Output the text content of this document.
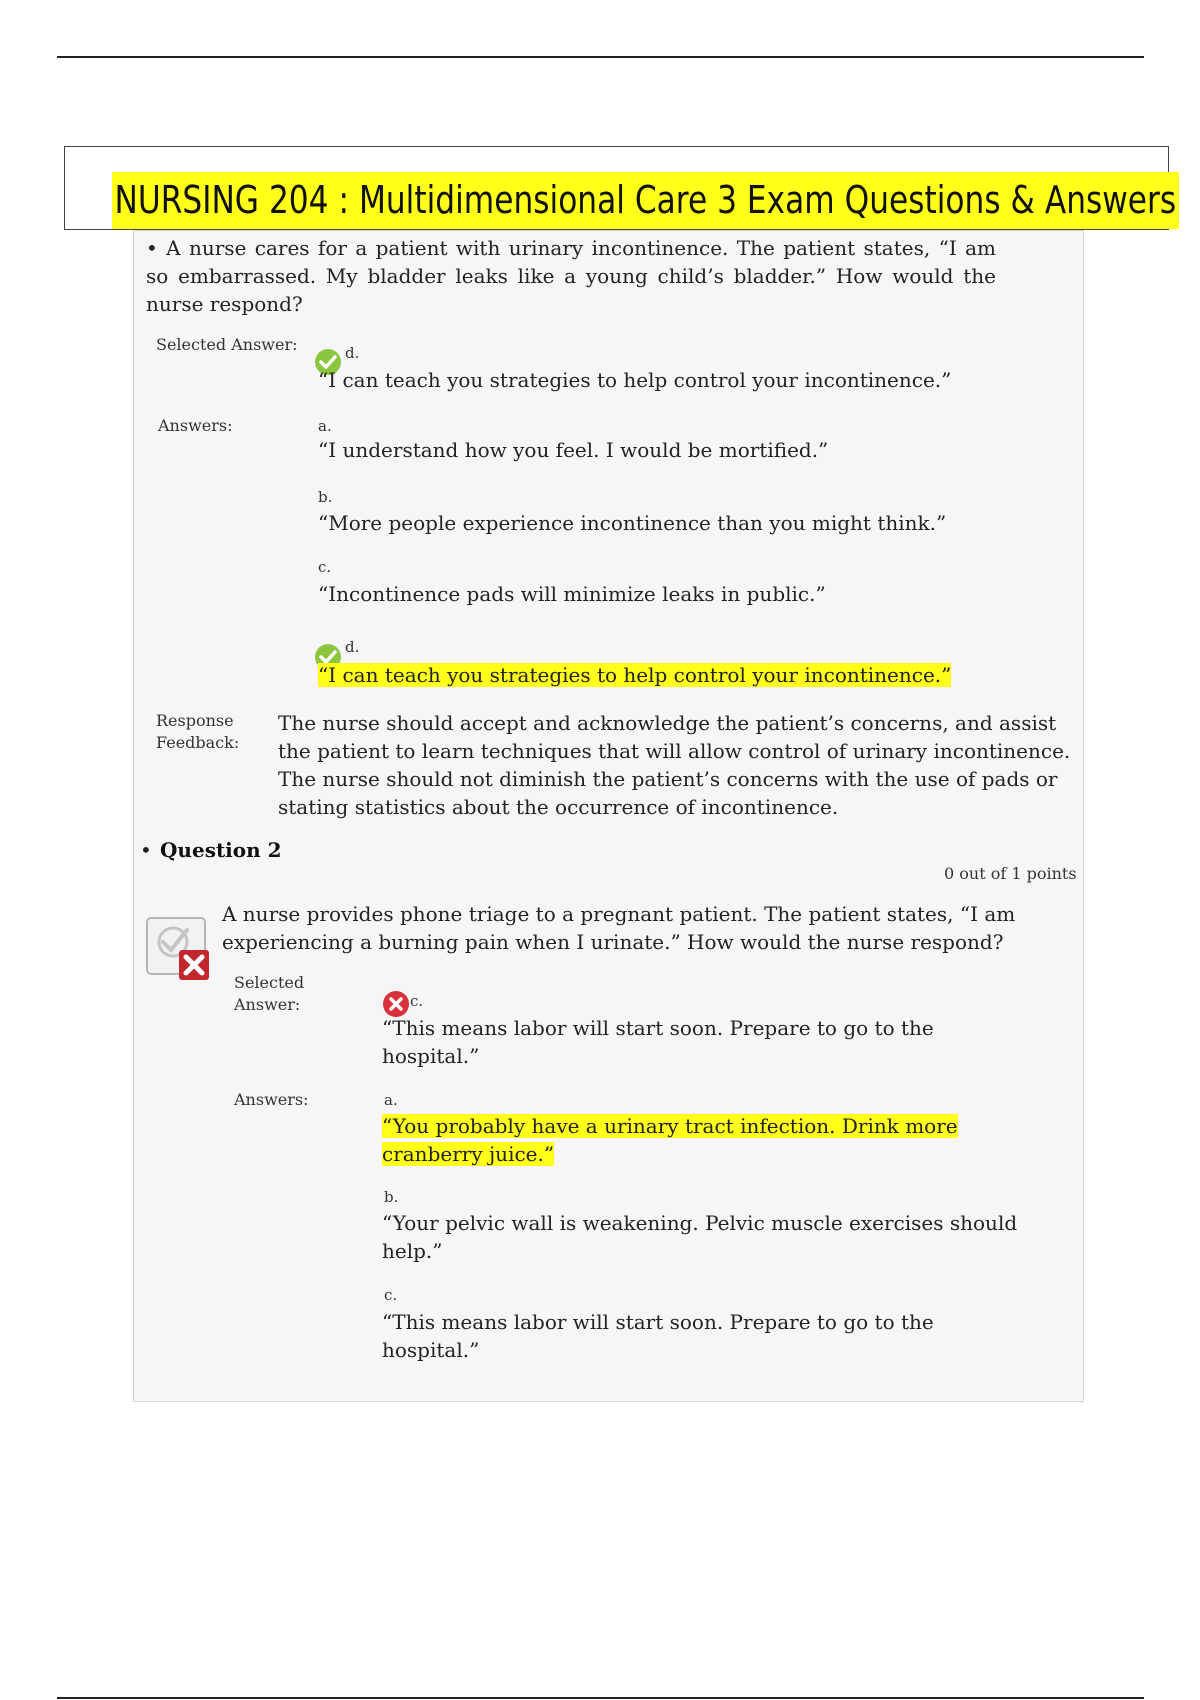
NURSING 204 : Multidimensional Care 3 Exam Questions & Answers
• A nurse cares for a patient with urinary incontinence. The patient states, “I am so embarrassed. My bladder leaks like a young child’s bladder.” How would the nurse respond?
Selected Answer:	d.
“I can teach you strategies to help control your incontinence.”
Answers:	a.
“I understand how you feel. I would be mortified.”
b.
“More people experience incontinence than you might think.”
c.
“Incontinence pads will minimize leaks in public.”
d.
“I can teach you strategies to help control your incontinence.”
Response
Feedback:
The nurse should accept and acknowledge the patient’s concerns, and assist the patient to learn techniques that will allow control of urinary incontinence. The nurse should not diminish the patient’s concerns with the use of pads or stating statistics about the occurrence of incontinence.
• Question 2
0 out of 1 points
A nurse provides phone triage to a pregnant patient. The patient states, “I am experiencing a burning pain when I urinate.” How would the nurse respond?
Selected
Answer:	c.
“This means labor will start soon. Prepare to go to the hospital.”
Answers:	a.
“You probably have a urinary tract infection. Drink more cranberry juice.”
b.
“Your pelvic wall is weakening. Pelvic muscle exercises should help.”
c.
“This means labor will start soon. Prepare to go to the hospital.”
